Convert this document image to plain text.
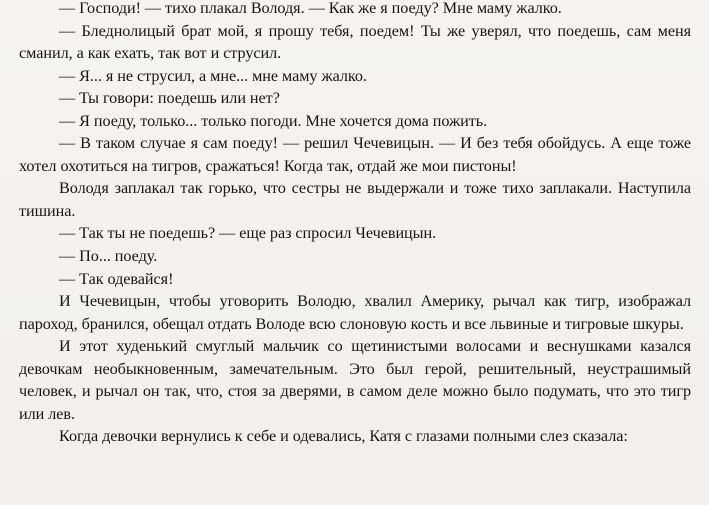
— Господи! — тихо плакал Володя. — Как же я поеду? Мне маму жалко.

— Бледнолицый брат мой, я прошу тебя, поедем! Ты же уверял, что поедешь, сам меня сманил, а как ехать, так вот и струсил.

— Я... я не струсил, а мне... мне маму жалко.

— Ты говори: поедешь или нет?

— Я поеду, только... только погоди. Мне хочется дома пожить.

— В таком случае я сам поеду! — решил Чечевицын. — И без тебя обойдусь. А еще тоже хотел охотиться на тигров, сражаться! Когда так, отдай же мои пистоны!

Володя заплакал так горько, что сестры не выдержали и тоже тихо заплакали. Наступила тишина.

— Так ты не поедешь? — еще раз спросил Чечевицын.

— По... поеду.

— Так одевайся!

И Чечевицын, чтобы уговорить Володю, хвалил Америку, рычал как тигр, изображал пароход, бранился, обещал отдать Володе всю слоновую кость и все львиные и тигровые шкуры.

И этот худенький смуглый мальчик со щетинистыми волосами и веснушками казался девочкам необыкновенным, замечательным. Это был герой, решительный, неустрашимый человек, и рычал он так, что, стоя за дверями, в самом деле можно было подумать, что это тигр или лев.

Когда девочки вернулись к себе и одевались, Катя с глазами полными слез сказала:
